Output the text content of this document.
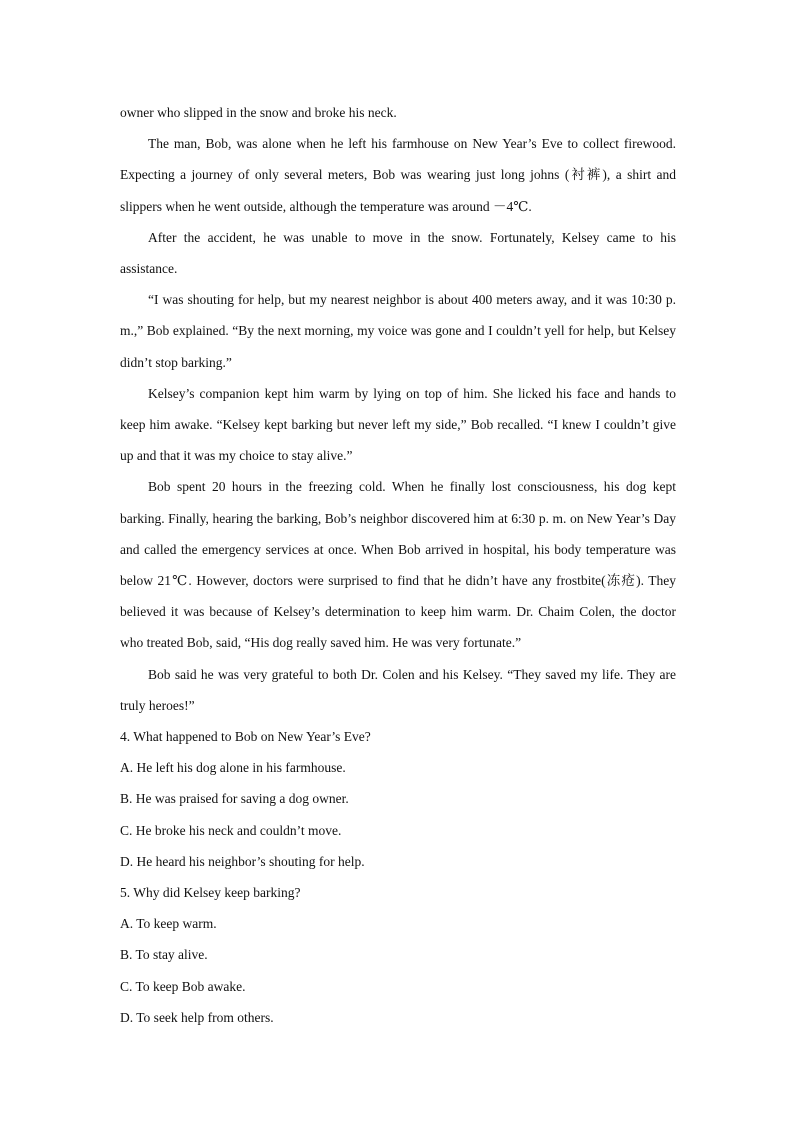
owner who slipped in the snow and broke his neck.

The man, Bob, was alone when he left his farmhouse on New Year’s Eve to collect firewood. Expecting a journey of only several meters, Bob was wearing just long johns (衬裤), a shirt and slippers when he went outside, although the temperature was around －4℃.

After the accident, he was unable to move in the snow. Fortunately, Kelsey came to his assistance.

“I was shouting for help, but my nearest neighbor is about 400 meters away, and it was 10:30 p. m.,” Bob explained. “By the next morning, my voice was gone and I couldn’t yell for help, but Kelsey didn’t stop barking.”

Kelsey’s companion kept him warm by lying on top of him. She licked his face and hands to keep him awake. “Kelsey kept barking but never left my side,” Bob recalled. “I knew I couldn’t give up and that it was my choice to stay alive.”

Bob spent 20 hours in the freezing cold. When he finally lost consciousness, his dog kept barking. Finally, hearing the barking, Bob’s neighbor discovered him at 6:30 p. m. on New Year’s Day and called the emergency services at once. When Bob arrived in hospital, his body temperature was below 21℃. However, doctors were surprised to find that he didn’t have any frostbite(冻疮). They believed it was because of Kelsey’s determination to keep him warm. Dr. Chaim Colen, the doctor who treated Bob, said, “His dog really saved him. He was very fortunate.”

Bob said he was very grateful to both Dr. Colen and his Kelsey. “They saved my life. They are truly heroes!”

4. What happened to Bob on New Year’s Eve?

A. He left his dog alone in his farmhouse.

B. He was praised for saving a dog owner.

C. He broke his neck and couldn’t move.

D. He heard his neighbor’s shouting for help.

5. Why did Kelsey keep barking?

A. To keep warm.

B. To stay alive.

C. To keep Bob awake.

D. To seek help from others.
